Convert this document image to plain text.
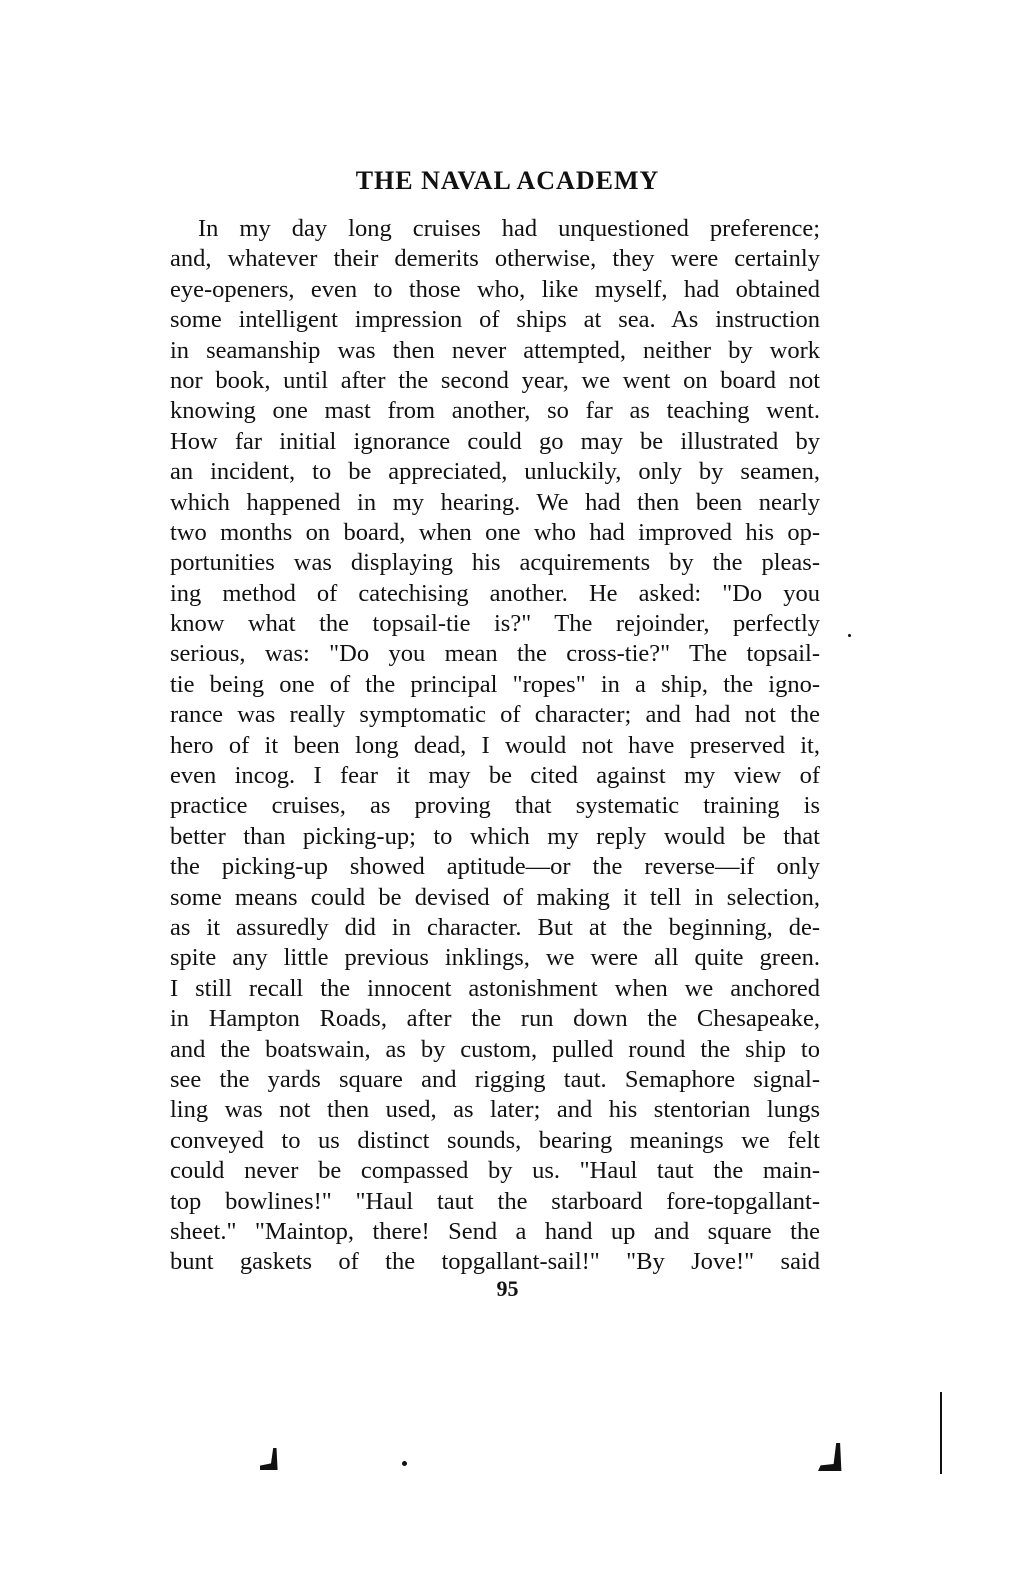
THE NAVAL ACADEMY
In my day long cruises had unquestioned preference;
and, whatever their demerits otherwise, they were certainly
eye-openers, even to those who, like myself, had obtained
some intelligent impression of ships at sea. As instruction
in seamanship was then never attempted, neither by work
nor book, until after the second year, we went on board not
knowing one mast from another, so far as teaching went.
How far initial ignorance could go may be illustrated by
an incident, to be appreciated, unluckily, only by seamen,
which happened in my hearing. We had then been nearly
two months on board, when one who had improved his op-
portunities was displaying his acquirements by the pleas-
ing method of catechising another. He asked: "Do you
know what the topsail-tie is?" The rejoinder, perfectly
serious, was: "Do you mean the cross-tie?" The topsail-
tie being one of the principal "ropes" in a ship, the igno-
rance was really symptomatic of character; and had not the
hero of it been long dead, I would not have preserved it,
even incog. I fear it may be cited against my view of
practice cruises, as proving that systematic training is
better than picking-up; to which my reply would be that
the picking-up showed aptitude—or the reverse—if only
some means could be devised of making it tell in selection,
as it assuredly did in character. But at the beginning, de-
spite any little previous inklings, we were all quite green.
I still recall the innocent astonishment when we anchored
in Hampton Roads, after the run down the Chesapeake,
and the boatswain, as by custom, pulled round the ship to
see the yards square and rigging taut. Semaphore signal-
ling was not then used, as later; and his stentorian lungs
conveyed to us distinct sounds, bearing meanings we felt
could never be compassed by us. "Haul taut the main-
top bowlines!" "Haul taut the starboard fore-topgallant-
sheet." "Maintop, there! Send a hand up and square the
bunt gaskets of the topgallant-sail!" "By Jove!" said
95
